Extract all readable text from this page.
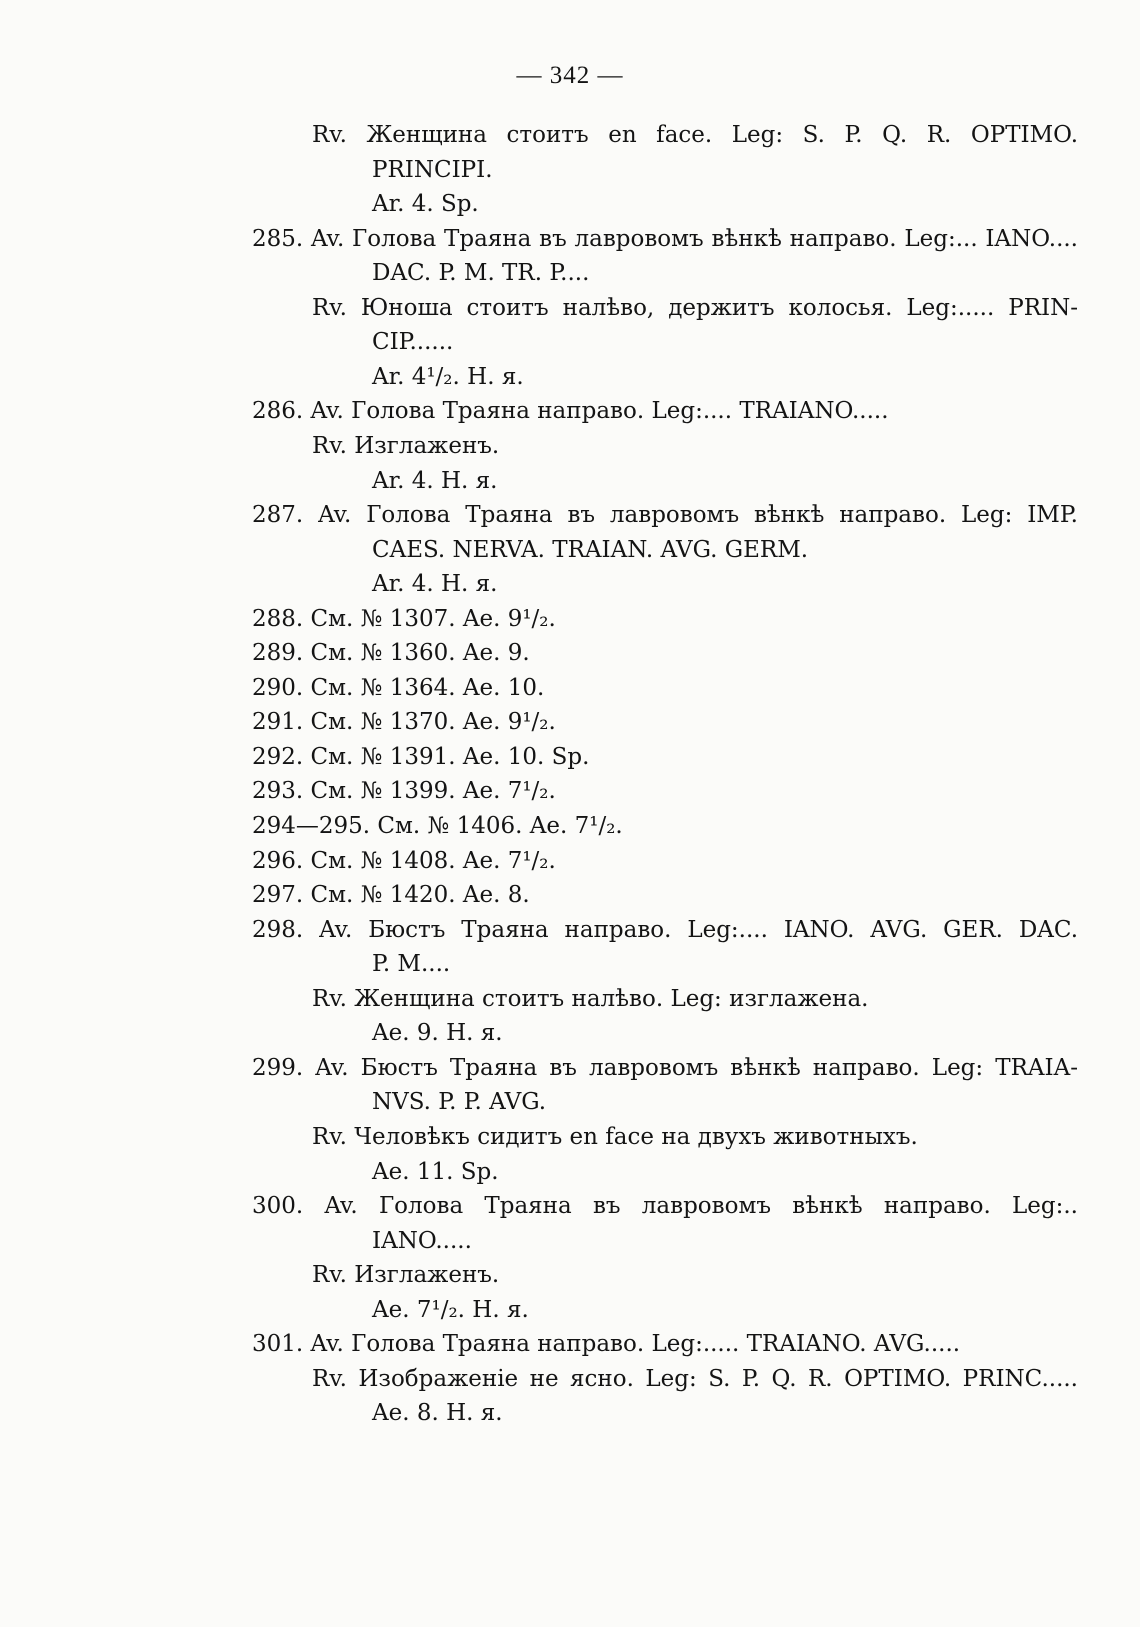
— 342 —
Rv. Женщина стоитъ en face. Leg: S. P. Q. R. OPTIMO.
PRINCIPI.
Ar. 4. Sp.
285. Av. Голова Траяна въ лавровомъ вѣнкѣ направо. Leg:... IANO....
DAC. P. M. TR. P....
Rv. Юноша стоитъ налѣво, держитъ колосья. Leg:..... PRIN-
CIP......
Ar. 4¹/₂. H. я.
286. Av. Голова Траяна направо. Leg:.... TRAIANO.....
Rv. Изглаженъ.
Ar. 4. H. я.
287. Av. Голова Траяна въ лавровомъ вѣнкѣ направо. Leg: IMP.
CAES. NERVA. TRAIAN. AVG. GERM.
Ar. 4. H. я.
288. См. № 1307. Ae. 9¹/₂.
289. См. № 1360. Ae. 9.
290. См. № 1364. Ae. 10.
291. См. № 1370. Ae. 9¹/₂.
292. См. № 1391. Ae. 10. Sp.
293. См. № 1399. Ae. 7¹/₂.
294—295. См. № 1406. Ae. 7¹/₂.
296. См. № 1408. Ae. 7¹/₂.
297. См. № 1420. Ae. 8.
298. Av. Бюстъ Траяна направо. Leg:.... IANO. AVG. GER. DAC.
P. M....
Rv. Женщина стоитъ налѣво. Leg: изглажена.
Ae. 9. H. я.
299. Av. Бюстъ Траяна въ лавровомъ вѣнкѣ направо. Leg: TRAIA-
NVS. P. P. AVG.
Rv. Человѣкъ сидитъ en face на двухъ животныхъ.
Ae. 11. Sp.
300. Av. Голова Траяна въ лавровомъ вѣнкѣ направо. Leg:..
IANO.....
Rv. Изглаженъ.
Ae. 7¹/₂. H. я.
301. Av. Голова Траяна направо. Leg:..... TRAIANO. AVG.....
Rv. Изображеніе не ясно. Leg: S. P. Q. R. OPTIMO. PRINC.....
Ae. 8. H. я.
